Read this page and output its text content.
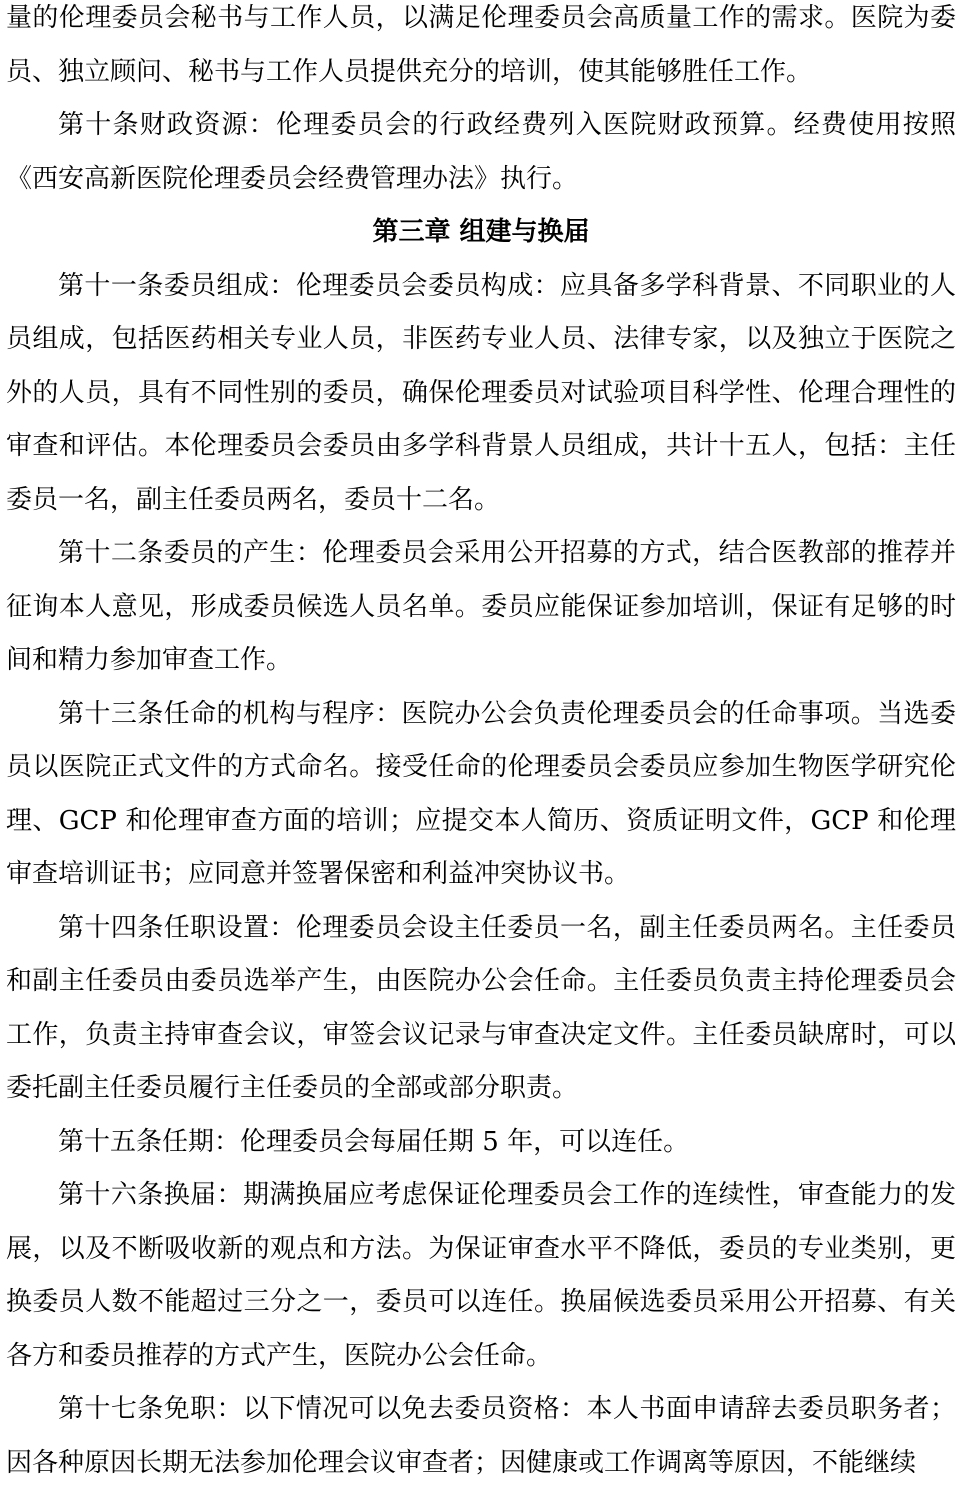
量的伦理委员会秘书与工作人员，以满足伦理委员会高质量工作的需求。医院为委员、独立顾问、秘书与工作人员提供充分的培训，使其能够胜任工作。

第十条财政资源：伦理委员会的行政经费列入医院财政预算。经费使用按照《西安高新医院伦理委员会经费管理办法》执行。

第三章 组建与换届

第十一条委员组成：伦理委员会委员构成：应具备多学科背景、不同职业的人员组成，包括医药相关专业人员，非医药专业人员、法律专家，以及独立于医院之外的人员，具有不同性别的委员，确保伦理委员对试验项目科学性、伦理合理性的审查和评估。本伦理委员会委员由多学科背景人员组成，共计十五人，包括：主任委员一名，副主任委员两名，委员十二名。

第十二条委员的产生：伦理委员会采用公开招募的方式，结合医教部的推荐并征询本人意见，形成委员候选人员名单。委员应能保证参加培训，保证有足够的时间和精力参加审查工作。

第十三条任命的机构与程序：医院办公会负责伦理委员会的任命事项。当选委员以医院正式文件的方式命名。接受任命的伦理委员会委员应参加生物医学研究伦理、GCP 和伦理审查方面的培训；应提交本人简历、资质证明文件，GCP 和伦理审查培训证书；应同意并签署保密和利益冲突协议书。

第十四条任职设置：伦理委员会设主任委员一名，副主任委员两名。主任委员和副主任委员由委员选举产生，由医院办公会任命。主任委员负责主持伦理委员会工作，负责主持审查会议，审签会议记录与审查决定文件。主任委员缺席时，可以委托副主任委员履行主任委员的全部或部分职责。

第十五条任期：伦理委员会每届任期 5 年，可以连任。

第十六条换届：期满换届应考虑保证伦理委员会工作的连续性，审查能力的发展，以及不断吸收新的观点和方法。为保证审查水平不降低，委员的专业类别，更换委员人数不能超过三分之一，委员可以连任。换届候选委员采用公开招募、有关各方和委员推荐的方式产生，医院办公会任命。

第十七条免职：以下情况可以免去委员资格：本人书面申请辞去委员职务者；因各种原因长期无法参加伦理会议审查者；因健康或工作调离等原因，不能继续
